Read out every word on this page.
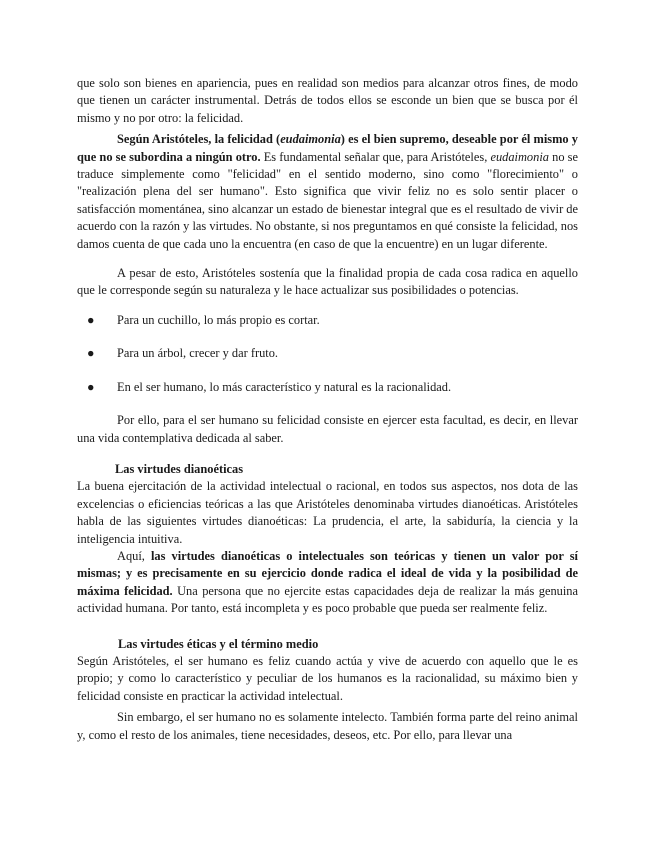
que solo son bienes en apariencia, pues en realidad son medios para alcanzar otros fines, de modo que tienen un carácter instrumental. Detrás de todos ellos se esconde un bien que se busca por él mismo y no por otro: la felicidad.

Según Aristóteles, la felicidad (eudaimonia) es el bien supremo, deseable por él mismo y que no se subordina a ningún otro. Es fundamental señalar que, para Aristóteles, eudaimonia no se traduce simplemente como "felicidad" en el sentido moderno, sino como "florecimiento" o "realización plena del ser humano". Esto significa que vivir feliz no es solo sentir placer o satisfacción momentánea, sino alcanzar un estado de bienestar integral que es el resultado de vivir de acuerdo con la razón y las virtudes. No obstante, si nos preguntamos en qué consiste la felicidad, nos damos cuenta de que cada uno la encuentra (en caso de que la encuentre) en un lugar diferente.

A pesar de esto, Aristóteles sostenía que la finalidad propia de cada cosa radica en aquello que le corresponde según su naturaleza y le hace actualizar sus posibilidades o potencias.

● Para un cuchillo, lo más propio es cortar.
● Para un árbol, crecer y dar fruto.
● En el ser humano, lo más característico y natural es la racionalidad.

Por ello, para el ser humano su felicidad consiste en ejercer esta facultad, es decir, en llevar una vida contemplativa dedicada al saber.

Las virtudes dianoéticas

La buena ejercitación de la actividad intelectual o racional, en todos sus aspectos, nos dota de las excelencias o eficiencias teóricas a las que Aristóteles denominaba virtudes dianoéticas. Aristóteles habla de las siguientes virtudes dianoéticas: La prudencia, el arte, la sabiduría, la ciencia y la inteligencia intuitiva.

Aquí, las virtudes dianoéticas o intelectuales son teóricas y tienen un valor por sí mismas; y es precisamente en su ejercicio donde radica el ideal de vida y la posibilidad de máxima felicidad. Una persona que no ejercite estas capacidades deja de realizar la más genuina actividad humana. Por tanto, está incompleta y es poco probable que pueda ser realmente feliz.

Las virtudes éticas y el término medio

Según Aristóteles, el ser humano es feliz cuando actúa y vive de acuerdo con aquello que le es propio; y como lo característico y peculiar de los humanos es la racionalidad, su máximo bien y felicidad consiste en practicar la actividad intelectual.

Sin embargo, el ser humano no es solamente intelecto. También forma parte del reino animal y, como el resto de los animales, tiene necesidades, deseos, etc. Por ello, para llevar una
